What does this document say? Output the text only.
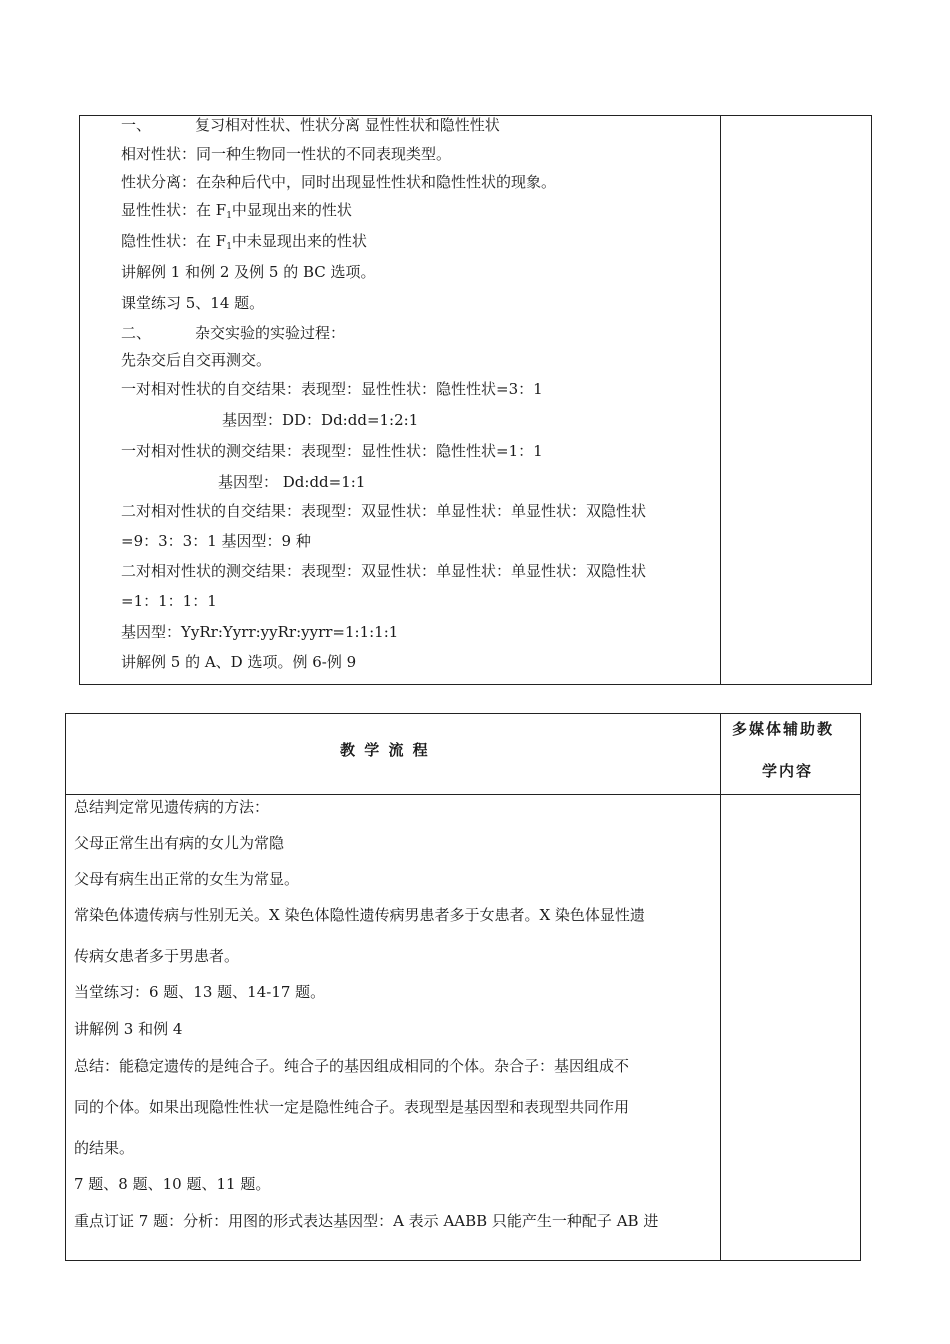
一、	复习相对性状、性状分离 显性性状和隐性性状
相对性状：同一种生物同一性状的不同表现类型。
性状分离：在杂种后代中，同时出现显性性状和隐性性状的现象。
显性性状：在 $F_1$中显现出来的性状
隐性性状：在 $F_1$中未显现出来的性状
讲解例 1 和例 2 及例 5 的 BC 选项。
课堂练习 5、14 题。
二、	杂交实验的实验过程：
先杂交后自交再测交。
一对相对性状的自交结果：表现型：显性性状：隐性性状=3：1
基因型：DD：Dd:dd=1:2:1
一对相对性状的测交结果：表现型：显性性状：隐性性状=1：1
基因型： Dd:dd=1:1
二对相对性状的自交结果：表现型：双显性状：单显性状：单显性状：双隐性状
=9：3：3：1 基因型：9 种
二对相对性状的测交结果：表现型：双显性状：单显性状：单显性状：双隐性状
=1：1：1：1
基因型：YyRr:Yyrr:yyRr:yyrr=1:1:1:1
讲解例 5 的 A、D 选项。例 6-例 9
教 学 流 程
多媒体辅助教
学内容
总结判定常见遗传病的方法：
父母正常生出有病的女儿为常隐
父母有病生出正常的女生为常显。
常染色体遗传病与性别无关。X 染色体隐性遗传病男患者多于女患者。X 染色体显性遗
传病女患者多于男患者。
当堂练习：6 题、13 题、14-17 题。
讲解例 3 和例 4
总结：能稳定遗传的是纯合子。纯合子的基因组成相同的个体。杂合子：基因组成不
同的个体。如果出现隐性性状一定是隐性纯合子。表现型是基因型和表现型共同作用
的结果。
7 题、8 题、10 题、11 题。
重点订证 7 题：分析：用图的形式表达基因型：A 表示 AABB 只能产生一种配子 AB 进
